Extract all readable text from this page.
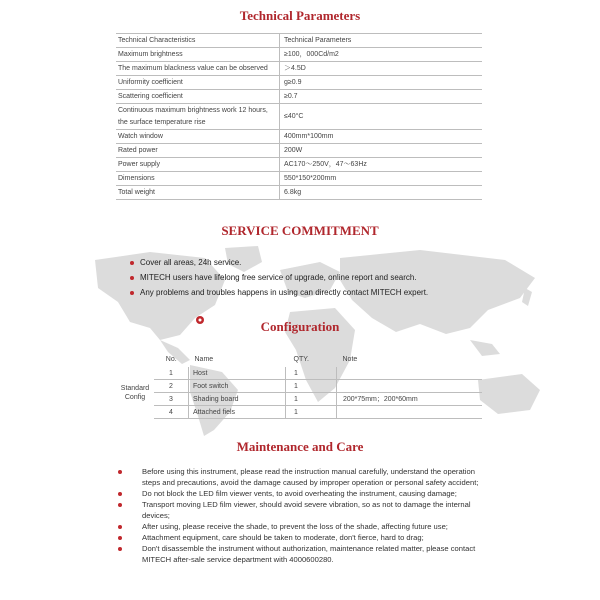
Technical Parameters
Technical Characteristics	Technical Parameters
Maximum brightness	≥100，000Cd/m2
The maximum blackness value can be observed	＞4.5D
Uniformity coefficient	g≥0.9
Scattering coefficient	≥0.7
Continuous maximum brightness work 12 hours, the surface temperature rise	≤40°C
Watch window	400mm*100mm
Rated power	200W
Power supply	AC170～250V，47～63Hz
Dimensions	550*150*200mm
Total weight	6.8kg
SERVICE COMMITMENT
Cover all areas, 24h service.
MITECH users have lifelong free service of upgrade, online report and search.
Any problems and troubles happens in using can directly contact MITECH expert.
Configuration
	No.	Name	QTY.	Note
Standard Config	1	Host	1	
	2	Foot switch	1	
	3	Shading board	1	200*75mm；200*60mm
	4	Attached fiels	1	
Maintenance and Care
Before using this instrument, please read the instruction manual carefully, understand the operation steps and precautions, avoid the damage caused by improper operation or personal safety accident;
Do not block the LED film viewer vents, to avoid overheating the instrument, causing damage;
Transport moving LED film viewer, should avoid severe vibration, so as not to damage the internal devices;
After using, please receive the shade, to prevent the loss of the shade, affecting future use;
Attachment equipment, care should be taken to moderate, don't fierce, hard to drag;
Don't disassemble the instrument without authorization, maintenance related matter, please contact MITECH after-sale service department with 4000600280.
